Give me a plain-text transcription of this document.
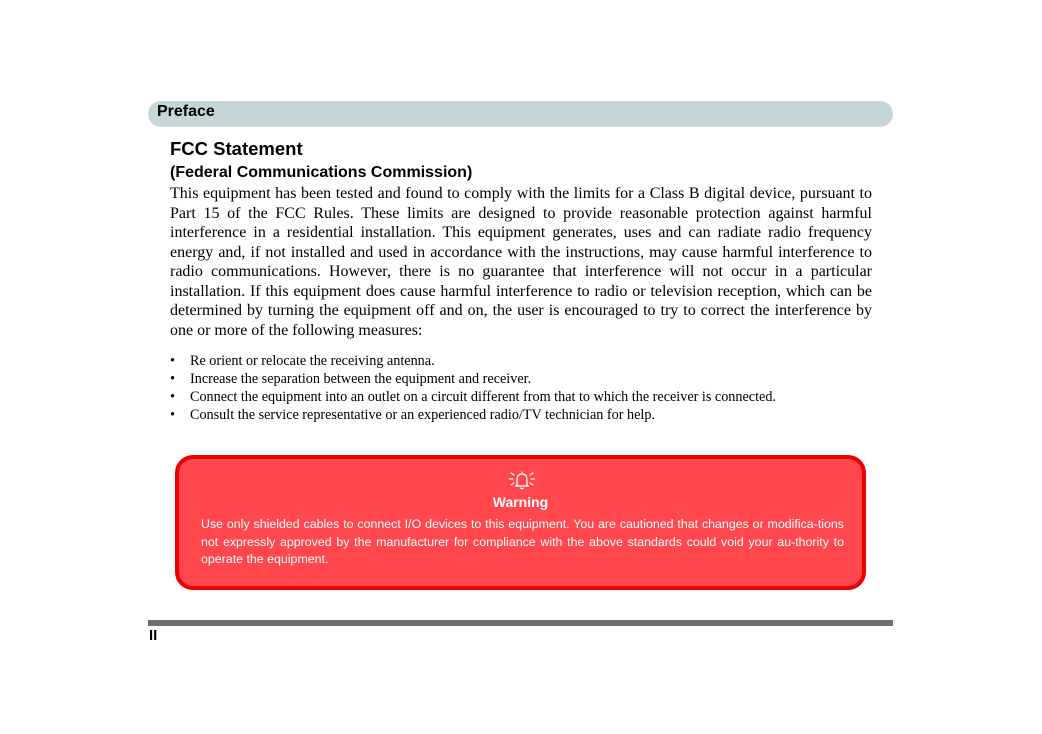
Preface
FCC Statement
(Federal Communications Commission)

This equipment has been tested and found to comply with the limits for a Class B digital device, pursuant to Part 15 of the FCC Rules. These limits are designed to provide reasonable protection against harmful interference in a residential installation. This equipment generates, uses and can radiate radio frequency energy and, if not installed and used in accordance with the instructions, may cause harmful interference to radio communications. However, there is no guarantee that interference will not occur in a particular installation. If this equipment does cause harmful interference to radio or television reception, which can be determined by turning the equipment off and on, the user is encouraged to try to correct the interference by one or more of the following measures:

• Re orient or relocate the receiving antenna.
• Increase the separation between the equipment and receiver.
• Connect the equipment into an outlet on a circuit different from that to which the receiver is connected.
• Consult the service representative or an experienced radio/TV technician for help.
Warning
Use only shielded cables to connect I/O devices to this equipment. You are cautioned that changes or modifica-tions not expressly approved by the manufacturer for compliance with the above standards could void your au-thority to operate the equipment.
II
